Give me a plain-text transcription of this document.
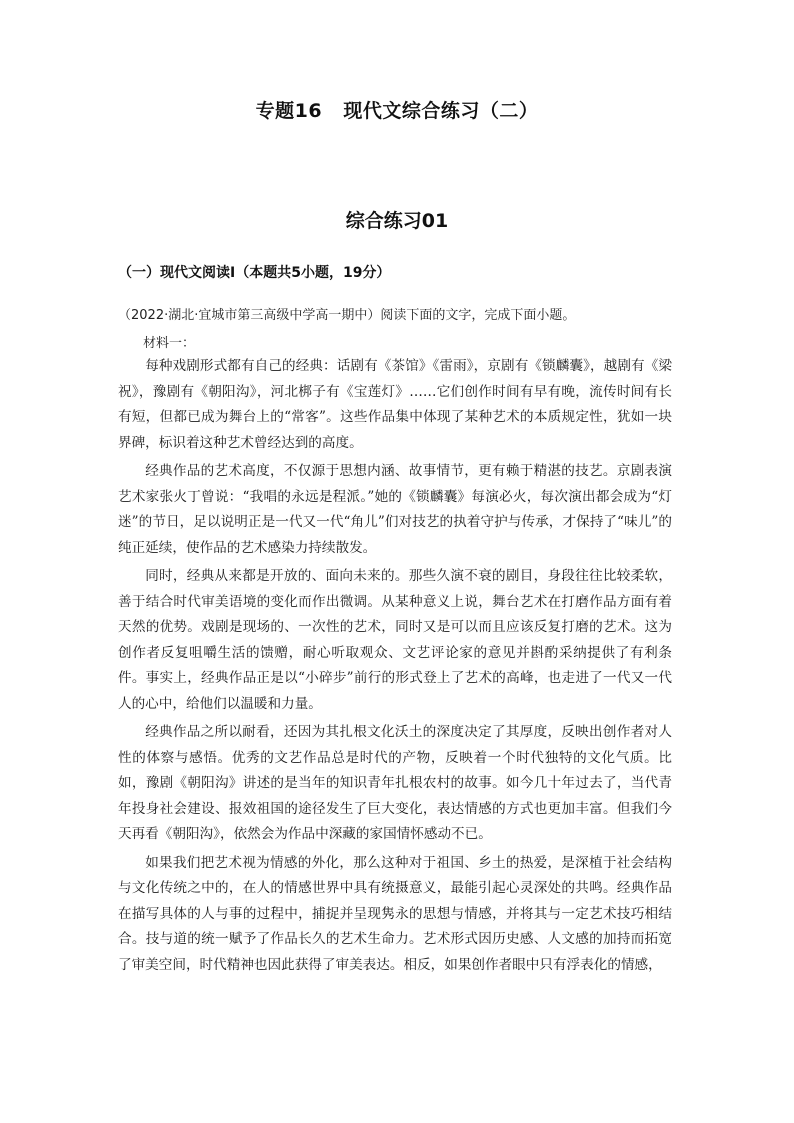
专题16   现代文综合练习（二）
综合练习01
（一）现代文阅读Ⅰ（本题共5小题，19分）
（2022·湖北·宜城市第三高级中学高一期中）阅读下面的文字，完成下面小题。
材料一：

每种戏剧形式都有自己的经典：话剧有《茶馆》《雷雨》，京剧有《锁麟囊》，越剧有《梁祝》，豫剧有《朝阳沟》，河北梆子有《宝莲灯》……它们创作时间有早有晚，流传时间有长有短，但都已成为舞台上的“常客”。这些作品集中体现了某种艺术的本质规定性，犹如一块界碑，标识着这种艺术曾经达到的高度。

经典作品的艺术高度，不仅源于思想内涵、故事情节，更有赖于精湛的技艺。京剧表演艺术家张火丁曾说：“我唱的永远是程派。”她的《锁麟囊》每演必火，每次演出都会成为“灯迷”的节日，足以说明正是一代又一代“角儿”们对技艺的执着守护与传承，才保持了“味儿”的纯正延续，使作品的艺术感染力持续散发。

同时，经典从来都是开放的、面向未来的。那些久演不衰的剧目，身段往往比较柔软，善于结合时代审美语境的变化而作出微调。从某种意义上说，舞台艺术在打磨作品方面有着天然的优势。戏剧是现场的、一次性的艺术，同时又是可以而且应该反复打磨的艺术。这为创作者反复咀嚼生活的馈赠，耐心听取观众、文艺评论家的意见并斟酌采纳提供了有利条件。事实上，经典作品正是以“小碎步”前行的形式登上了艺术的高峰，也走进了一代又一代人的心中，给他们以温暖和力量。

经典作品之所以耐看，还因为其扎根文化沃土的深度决定了其厚度，反映出创作者对人性的体察与感悟。优秀的文艺作品总是时代的产物，反映着一个时代独特的文化气质。比如，豫剧《朝阳沟》讲述的是当年的知识青年扎根农村的故事。如今几十年过去了，当代青年投身社会建设、报效祖国的途径发生了巨大变化，表达情感的方式也更加丰富。但我们今天再看《朝阳沟》，依然会为作品中深藏的家国情怀感动不已。

如果我们把艺术视为情感的外化，那么这种对于祖国、乡土的热爱，是深植于社会结构与文化传统之中的，在人的情感世界中具有统摄意义，最能引起心灵深处的共鸣。经典作品在描写具体的人与事的过程中，捕捉并呈现隽永的思想与情感，并将其与一定艺术技巧相结合。技与道的统一赋予了作品长久的艺术生命力。艺术形式因历史感、人文感的加持而拓宽了审美空间，时代精神也因此获得了审美表达。相反，如果创作者眼中只有浮表化的情感，
